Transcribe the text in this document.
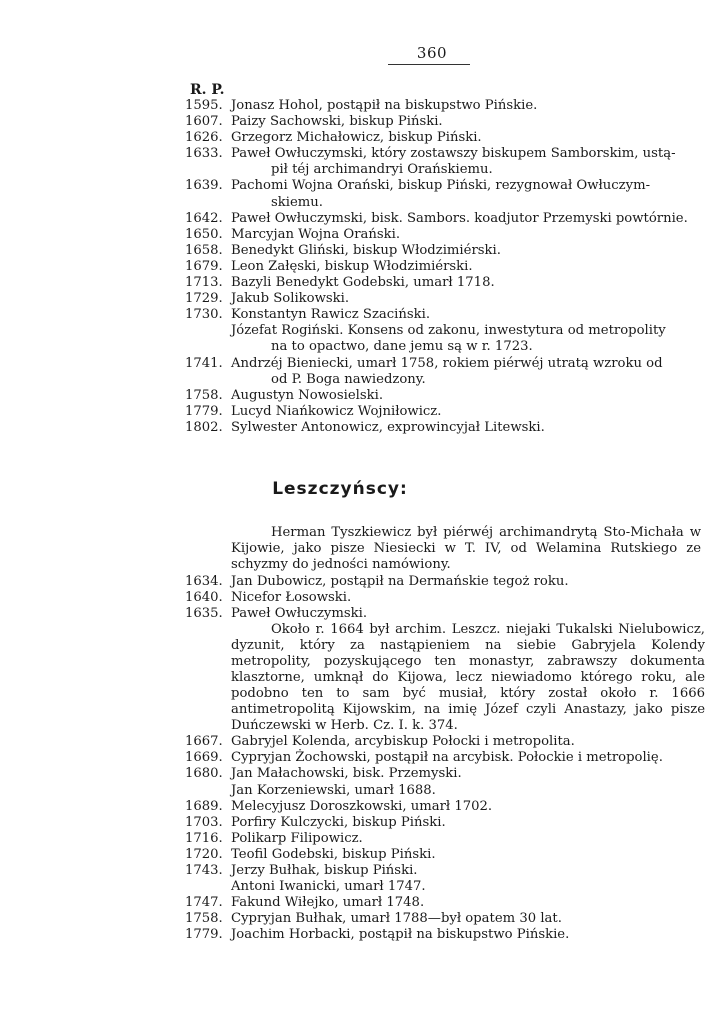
360
R. P.
1595. Jonasz Hohol, postąpił na biskupstwo Pińskie.
1607. Paizy Sachowski, biskup Piński.
1626. Grzegorz Michałowicz, biskup Piński.
1633. Paweł Owłuczymski, który zostawszy biskupem Samborskim, ustą-
pił téj archimandryi Orańskiemu.
1639. Pachomi Wojna Orański, biskup Piński, rezygnował Owłuczym-
skiemu.
1642. Paweł Owłuczymski, bisk. Sambors. koadjutor Przemyski powtórnie.
1650. Marcyjan Wojna Orański.
1658. Benedykt Gliński, biskup Włodzimiérski.
1679. Leon Załęski, biskup Włodzimiérski.
1713. Bazyli Benedykt Godebski, umarł 1718.
1729. Jakub Solikowski.
1730. Konstantyn Rawicz Szaciński.
Józefat Rogiński. Konsens od zakonu, inwestytura od metropolity
na to opactwo, dane jemu są w r. 1723.
1741. Andrzéj Bieniecki, umarł 1758, rokiem piérwéj utratą wzroku od
od P. Boga nawiedzony.
1758. Augustyn Nowosielski.
1779. Lucyd Niańkowicz Wojniłowicz.
1802. Sylwester Antonowicz, exprowincyjał Litewski.
Leszczyńscy:
Herman Tyszkiewicz był piérwéj archimandrytą Sto-Michała w Kijowie, jako pisze Niesiecki w T. IV, od Welamina Rutskiego ze schyzmy do jedności namówiony.
1634. Jan Dubowicz, postąpił na Dermańskie tegoż roku.
1640. Nicefor Łosowski.
1635. Paweł Owłuczymski.
Około r. 1664 był archim. Leszcz. niejaki Tukalski Nielubowicz, dyzunit, który za nastąpieniem na siebie Gabryjela Kolendy metropolity, pozyskującego ten monastyr, zabrawszy dokumenta klasztorne, umknął do Kijowa, lecz niewiadomo którego roku, ale podobno ten to sam być musiał, który został około r. 1666 antimetropolitą Kijowskim, na imię Józef czyli Anastazy, jako pisze Duńczewski w Herb. Cz. I. k. 374.
1667. Gabryjel Kolenda, arcybiskup Połocki i metropolita.
1669. Cypryjan Żochowski, postąpił na arcybisk. Połockie i metropolię.
1680. Jan Małachowski, bisk. Przemyski.
Jan Korzeniewski, umarł 1688.
1689. Melecyjusz Doroszkowski, umarł 1702.
1703. Porfiry Kulczycki, biskup Piński.
1716. Polikarp Filipowicz.
1720. Teofil Godebski, biskup Piński.
1743. Jerzy Bułhak, biskup Piński.
Antoni Iwanicki, umarł 1747.
1747. Fakund Wiłejko, umarł 1748.
1758. Cypryjan Bułhak, umarł 1788—był opatem 30 lat.
1779. Joachim Horbacki, postąpił na biskupstwo Pińskie.
